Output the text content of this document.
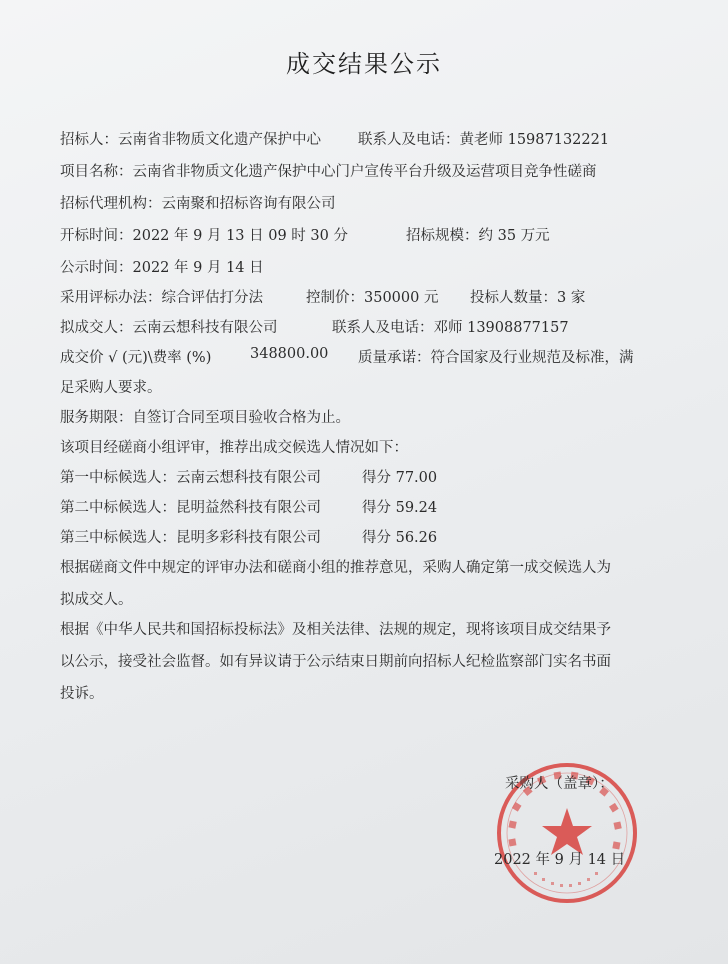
成交结果公示
招标人：云南省非物质文化遗产保护中心	联系人及电话：黄老师 15987132221
项目名称：云南省非物质文化遗产保护中心门户宣传平台升级及运营项目竞争性磋商
招标代理机构：云南聚和招标咨询有限公司
开标时间：2022 年 9 月 13 日 09 时 30 分	招标规模：约 35 万元
公示时间：2022 年 9 月 14 日
采用评标办法：综合评估打分法	控制价：350000 元 投标人数量：3 家
拟成交人：云南云想科技有限公司	联系人及电话：邓师 13908877157
成交价 √ (元)\费率 (%)	348800.00 质量承诺：符合国家及行业规范及标准，满
足采购人要求。
服务期限：自签订合同至项目验收合格为止。
该项目经磋商小组评审，推荐出成交候选人情况如下：
第一中标候选人：云南云想科技有限公司	得分 77.00
第二中标候选人：昆明益然科技有限公司	得分 59.24
第三中标候选人：昆明多彩科技有限公司	得分 56.26
根据磋商文件中规定的评审办法和磋商小组的推荐意见，采购人确定第一成交候选人为
拟成交人。
根据《中华人民共和国招标投标法》及相关法律、法规的规定，现将该项目成交结果予
以公示，接受社会监督。如有异议请于公示结束日期前向招标人纪检监察部门实名书面
投诉。
采购人（盖章）：
2022 年 9 月 14 日
